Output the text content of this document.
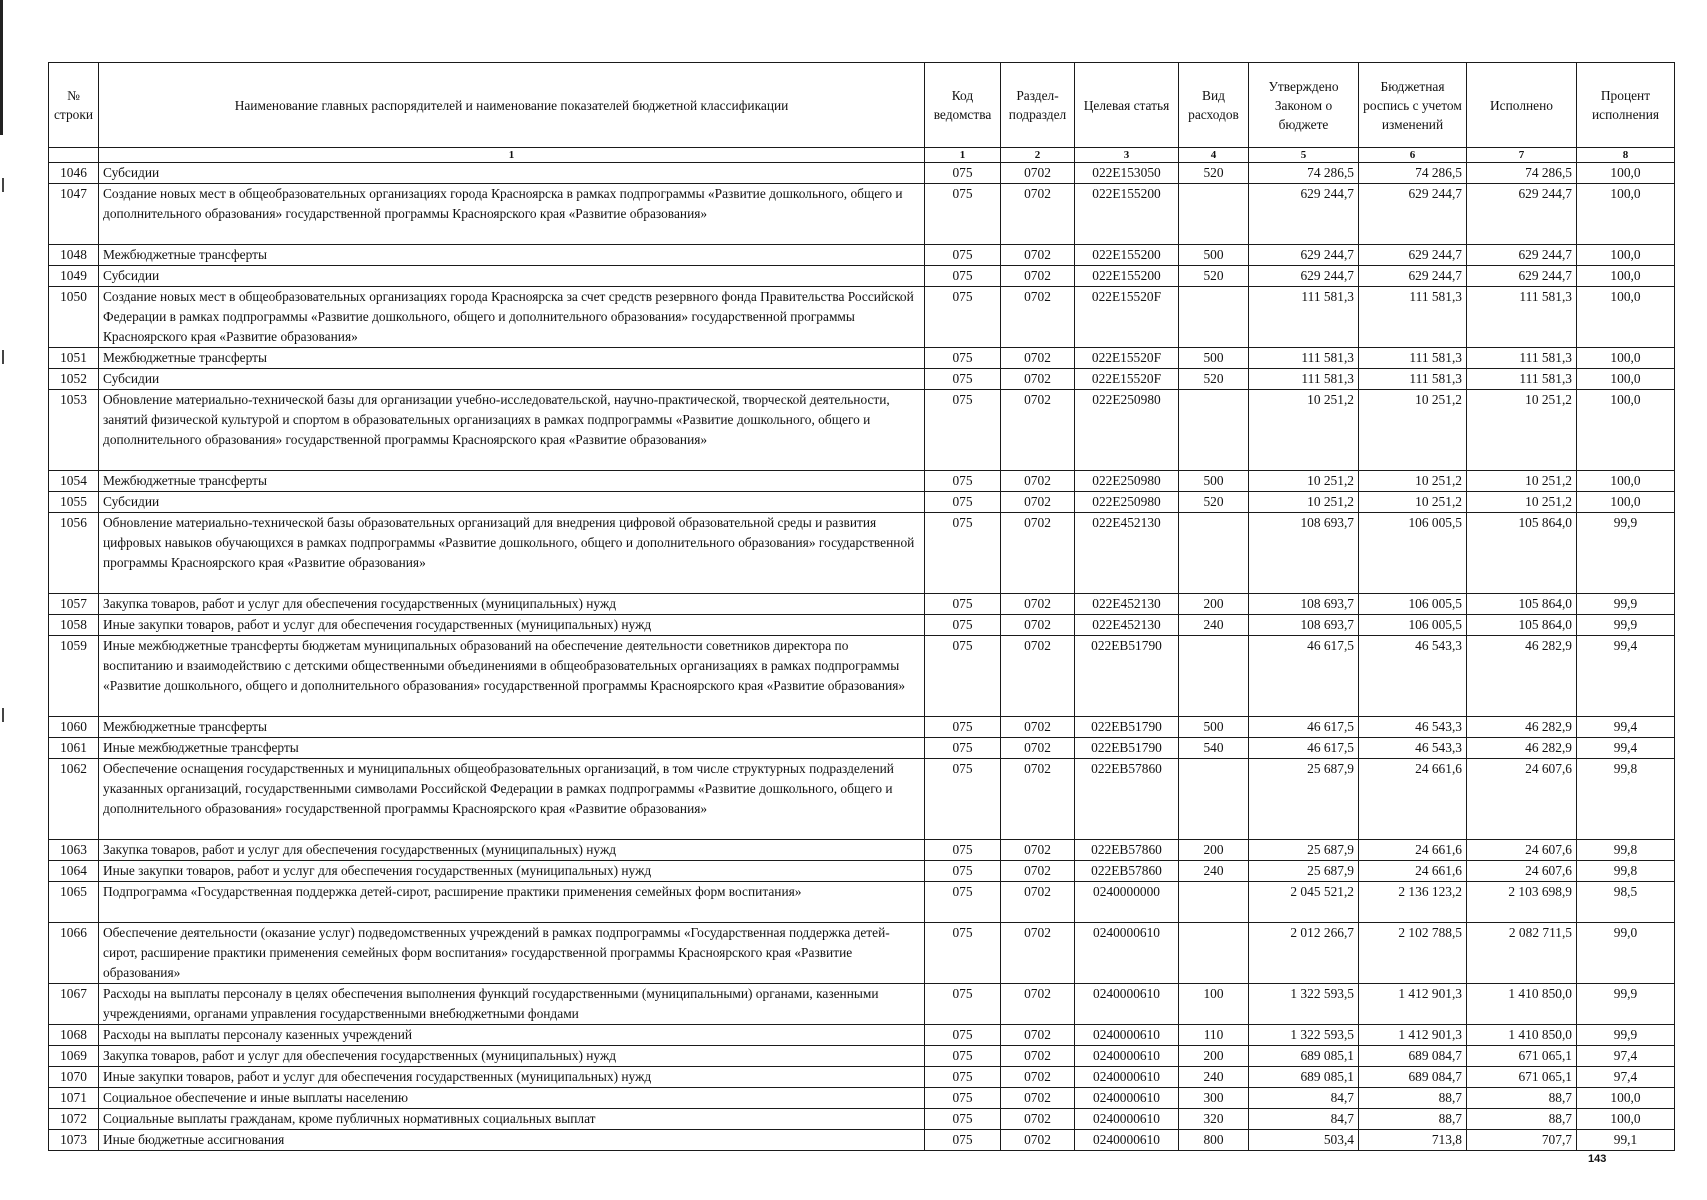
№ строки	Наименование главных распорядителей и наименование показателей бюджетной классификации	Код ведомства	Раздел-подраздел	Целевая статья	Вид расходов	Утверждено Законом о бюджете	Бюджетная роспись с учетом изменений	Исполнено	Процент исполнения
	1	1	2	3	4	5	6	7	8
1046	Субсидии	075	0702	022E153050	520	74 286,5	74 286,5	74 286,5	100,0
1047	Создание новых мест в общеобразовательных организациях города Красноярска в рамках подпрограммы «Развитие дошкольного, общего и дополнительного образования» государственной программы Красноярского края «Развитие образования»	075	0702	022E155200		629 244,7	629 244,7	629 244,7	100,0
1048	Межбюджетные трансферты	075	0702	022E155200	500	629 244,7	629 244,7	629 244,7	100,0
1049	Субсидии	075	0702	022E155200	520	629 244,7	629 244,7	629 244,7	100,0
1050	Создание новых мест в общеобразовательных организациях города Красноярска за счет средств резервного фонда Правительства Российской Федерации в рамках подпрограммы «Развитие дошкольного, общего и дополнительного образования» государственной программы Красноярского края «Развитие образования»	075	0702	022E15520F		111 581,3	111 581,3	111 581,3	100,0
1051	Межбюджетные трансферты	075	0702	022E15520F	500	111 581,3	111 581,3	111 581,3	100,0
1052	Субсидии	075	0702	022E15520F	520	111 581,3	111 581,3	111 581,3	100,0
1053	Обновление материально-технической базы для организации учебно-исследовательской, научно-практической, творческой деятельности, занятий физической культурой и спортом в образовательных организациях в рамках подпрограммы «Развитие дошкольного, общего и дополнительного образования» государственной программы Красноярского края «Развитие образования»	075	0702	022E250980		10 251,2	10 251,2	10 251,2	100,0
1054	Межбюджетные трансферты	075	0702	022E250980	500	10 251,2	10 251,2	10 251,2	100,0
1055	Субсидии	075	0702	022E250980	520	10 251,2	10 251,2	10 251,2	100,0
1056	Обновление материально-технической базы образовательных организаций для внедрения цифровой образовательной среды и развития цифровых навыков обучающихся в рамках подпрограммы «Развитие дошкольного, общего и дополнительного образования» государственной программы Красноярского края «Развитие образования»	075	0702	022E452130		108 693,7	106 005,5	105 864,0	99,9
1057	Закупка товаров, работ и услуг для обеспечения государственных (муниципальных) нужд	075	0702	022E452130	200	108 693,7	106 005,5	105 864,0	99,9
1058	Иные закупки товаров, работ и услуг для обеспечения государственных (муниципальных) нужд	075	0702	022E452130	240	108 693,7	106 005,5	105 864,0	99,9
1059	Иные межбюджетные трансферты бюджетам муниципальных образований на обеспечение деятельности советников директора по воспитанию и взаимодействию с детскими общественными объединениями в общеобразовательных организациях в рамках подпрограммы «Развитие дошкольного, общего и дополнительного образования» государственной программы Красноярского края «Развитие образования»	075	0702	022EB51790		46 617,5	46 543,3	46 282,9	99,4
1060	Межбюджетные трансферты	075	0702	022EB51790	500	46 617,5	46 543,3	46 282,9	99,4
1061	Иные межбюджетные трансферты	075	0702	022EB51790	540	46 617,5	46 543,3	46 282,9	99,4
1062	Обеспечение оснащения государственных и муниципальных общеобразовательных организаций, в том числе структурных подразделений указанных организаций, государственными символами Российской Федерации в рамках подпрограммы «Развитие дошкольного, общего и дополнительного образования» государственной программы Красноярского края «Развитие образования»	075	0702	022EB57860		25 687,9	24 661,6	24 607,6	99,8
1063	Закупка товаров, работ и услуг для обеспечения государственных (муниципальных) нужд	075	0702	022EB57860	200	25 687,9	24 661,6	24 607,6	99,8
1064	Иные закупки товаров, работ и услуг для обеспечения государственных (муниципальных) нужд	075	0702	022EB57860	240	25 687,9	24 661,6	24 607,6	99,8
1065	Подпрограмма «Государственная поддержка детей-сирот, расширение практики применения семейных форм воспитания»	075	0702	0240000000		2 045 521,2	2 136 123,2	2 103 698,9	98,5
1066	Обеспечение деятельности (оказание услуг) подведомственных учреждений в рамках подпрограммы «Государственная поддержка детей-сирот, расширение практики применения семейных форм воспитания» государственной программы Красноярского края «Развитие образования»	075	0702	0240000610		2 012 266,7	2 102 788,5	2 082 711,5	99,0
1067	Расходы на выплаты персоналу в целях обеспечения выполнения функций государственными (муниципальными) органами, казенными учреждениями, органами управления государственными внебюджетными фондами	075	0702	0240000610	100	1 322 593,5	1 412 901,3	1 410 850,0	99,9
1068	Расходы на выплаты персоналу казенных учреждений	075	0702	0240000610	110	1 322 593,5	1 412 901,3	1 410 850,0	99,9
1069	Закупка товаров, работ и услуг для обеспечения государственных (муниципальных) нужд	075	0702	0240000610	200	689 085,1	689 084,7	671 065,1	97,4
1070	Иные закупки товаров, работ и услуг для обеспечения государственных (муниципальных) нужд	075	0702	0240000610	240	689 085,1	689 084,7	671 065,1	97,4
1071	Социальное обеспечение и иные выплаты населению	075	0702	0240000610	300	84,7	88,7	88,7	100,0
1072	Социальные выплаты гражданам, кроме публичных нормативных социальных выплат	075	0702	0240000610	320	84,7	88,7	88,7	100,0
1073	Иные бюджетные ассигнования	075	0702	0240000610	800	503,4	713,8	707,7	99,1
143
